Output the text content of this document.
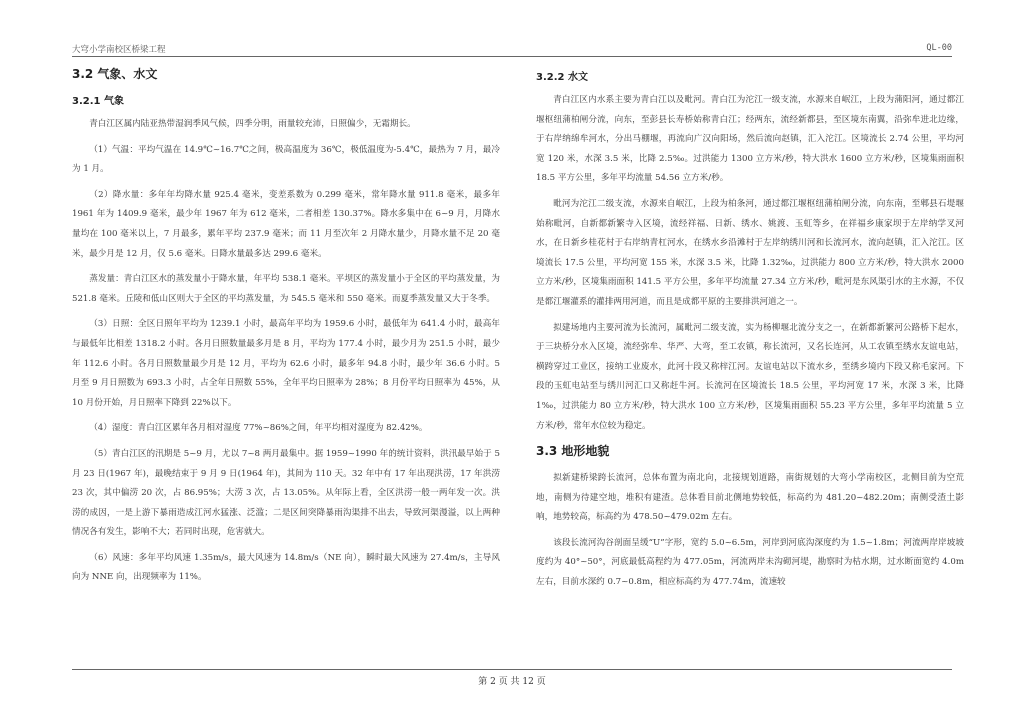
大穹小学南校区桥梁工程	QL-00
3.2 气象、水文
3.2.1 气象

青白江区属内陆亚热带湿润季风气候，四季分明，雨量较充沛，日照偏少，无霜期长。

（1）气温：平均气温在 14.9℃~16.7℃之间，极高温度为 36℃，极低温度为-5.4℃，最热为 7 月，最冷为 1 月。

（2）降水量：多年年均降水量 925.4 毫米，变差系数为 0.299 毫米，常年降水量 911.8 毫米，最多年 1961 年为 1409.9 毫米，最少年 1967 年为 612 毫米，二者相差 130.37%。降水多集中在 6~9 月，月降水量均在 100 毫米以上，7 月最多，累年平均 237.9 毫米；而 11 月至次年 2 月降水量少，月降水量不足 20 毫米，最少月是 12 月，仅 5.6 毫米。日降水量最多达 299.6 毫米。

蒸发量：青白江区水的蒸发量小于降水量，年平均 538.1 毫米。平坝区的蒸发量小于全区的平均蒸发量，为 521.8 毫米。丘陵和低山区则大于全区的平均蒸发量，为 545.5 毫米和 550 毫米。而夏季蒸发量又大于冬季。

（3）日照：全区日照年平均为 1239.1 小时，最高年平均为 1959.6 小时，最低年为 641.4 小时，最高年与最低年比相差 1318.2 小时。各月日照数量最多月是 8 月，平均为 177.4 小时，最少月为 251.5 小时，最少年 112.6 小时。各月日照数量最少月是 12 月，平均为 62.6 小时，最多年 94.8 小时，最少年 36.6 小时。5 月至 9 月日照数为 693.3 小时，占全年日照数 55%，全年平均日照率为 28%；8 月份平均日照率为 45%，从 10 月份开始，月日照率下降到 22%以下。

（4）湿度：青白江区累年各月相对湿度 77%~86%之间，年平均相对湿度为 82.42%。

（5）青白江区的汛期是 5~9 月，尤以 7~8 两月最集中。据 1959~1990 年的统计资料，洪汛最早始于 5 月 23 日(1967 年)，最晚结束于 9 月 9 日(1964 年)，其间为 110 天。32 年中有 17 年出现洪涝，17 年洪涝 23 次，其中偏涝 20 次，占 86.95%；大涝 3 次，占 13.05%。从年际上看，全区洪涝一般一两年发一次。洪涝的成因，一是上游下暴雨造成江河水猛涨、泛滥；二是区间突降暴雨沟渠排不出去，导致河渠漫溢，以上两种情况各有发生，影响不大；若同时出现，危害就大。

（6）风速：多年平均风速 1.35m/s，最大风速为 14.8m/s（NE 向），瞬时最大风速为 27.4m/s，主导风向为 NNE 向，出现频率为 11%。

3.2.2 水文

青白江区内水系主要为青白江以及毗河。青白江为沱江一级支流，水源来自岷江，上段为蒲阳河，通过都江堰枢纽蒲柏闸分流，向东，至彭县长寿桥始称青白江；经两东，流经新都县，至区境东南翼，沿弥牟进北边缘，于右岸纳绵牟河水，分出马棚堰，再流向广汉向阳场，然后流向赵镇，汇入沱江。区境流长 2.74 公里，平均河宽 120 米，水深 3.5 米，比降 2.5‰。过洪能力 1300 立方米/秒，特大洪水 1600 立方米/秒，区境集雨面积 18.5 平方公里，多年平均流量 54.56 立方米/秒。

毗河为沱江二级支流，水源来自岷江，上段为柏条河，通过都江堰枢纽蒲柏闸分流，向东南，至郫县石堤堰始称毗河，自新都新繁寺入区境，流经祥福、日新、绣水、姚渡、玉虹等乡，在祥福乡康家坝于左岸纳学叉河水，在日新乡桂花村于右岸纳青杠河水，在绣水乡沿滩村于左岸纳绣川河和长流河水，流向赵镇，汇入沱江。区境流长 17.5 公里，平均河宽 155 米，水深 3.5 米，比降 1.32‰，过洪能力 800 立方米/秒，特大洪水 2000 立方米/秒，区境集雨面积 141.5 平方公里，多年平均流量 27.34 立方米/秒，毗河是东风渠引水的主水源，不仅是都江堰灌系的灌排两用河道，而且是成都平原的主要排洪河道之一。

拟建场地内主要河流为长流河，属毗河二级支流，实为杨柳堰北流分支之一，在新都新繁河公路桥下起水，于三块桥分水入区境，流经弥牟、华严、大弯，至工农镇，称长流河，又名长连河，从工农镇至绣水友谊电站，横跨穿过工业区，接纳工业废水，此河十段又称梓江河。友谊电站以下流水乡，至绣乡境内下段又称毛家河。下段的玉虹电站至与绣川河汇口又称赶牛河。长流河在区境流长 18.5 公里，平均河宽 17 米，水深 3 米，比降 1‰，过洪能力 80 立方米/秒，特大洪水 100 立方米/秒，区境集雨面积 55.23 平方公里，多年平均流量 5 立方米/秒，常年水位较为稳定。

3.3 地形地貌

拟新建桥梁跨长流河，总体布置为南北向，北接规划道路，南街规划的大弯小学南校区，北侧目前为空荒地，南侧为待建空地，堆积有建渣。总体看目前北侧地势较低，标高约为 481.20~482.20m；南侧受渣土影响，地势较高，标高约为 478.50~479.02m 左右。

该段长流河沟谷剖面呈缓“U”字形，宽约 5.0~6.5m，河岸到河底沟深度约为 1.5~1.8m；河流两岸岸坡坡度约为 40°~50°，河底最低高程约为 477.05m，河流两岸未沟砌河堤，勘察时为枯水期，过水断面宽约 4.0m 左右，目前水深约 0.7~0.8m，相应标高约为 477.74m，流速较

第 2 页 共 12 页
